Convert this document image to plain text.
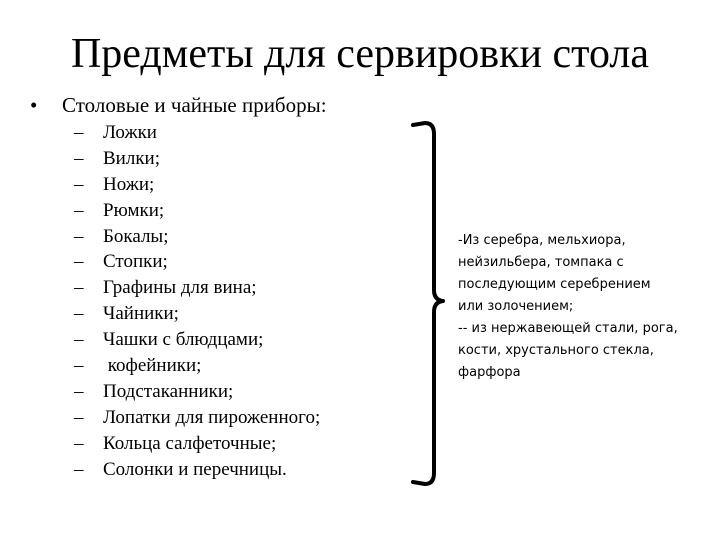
Предметы для сервировки стола
• Столовые и чайные приборы:
– Ложки
– Вилки;
– Ножи;
– Рюмки;
– Бокалы;
– Стопки;
– Графины для вина;
– Чайники;
– Чашки с блюдцами;
– кофейники;
– Подстаканники;
– Лопатки для пироженного;
– Кольца салфеточные;
– Солонки и перечницы.
-Из серебра, мельхиора,
нейзильбера, томпака с
последующим серебрением
или золочением;
-- из нержавеющей стали, рога,
кости, хрустального стекла,
фарфора
